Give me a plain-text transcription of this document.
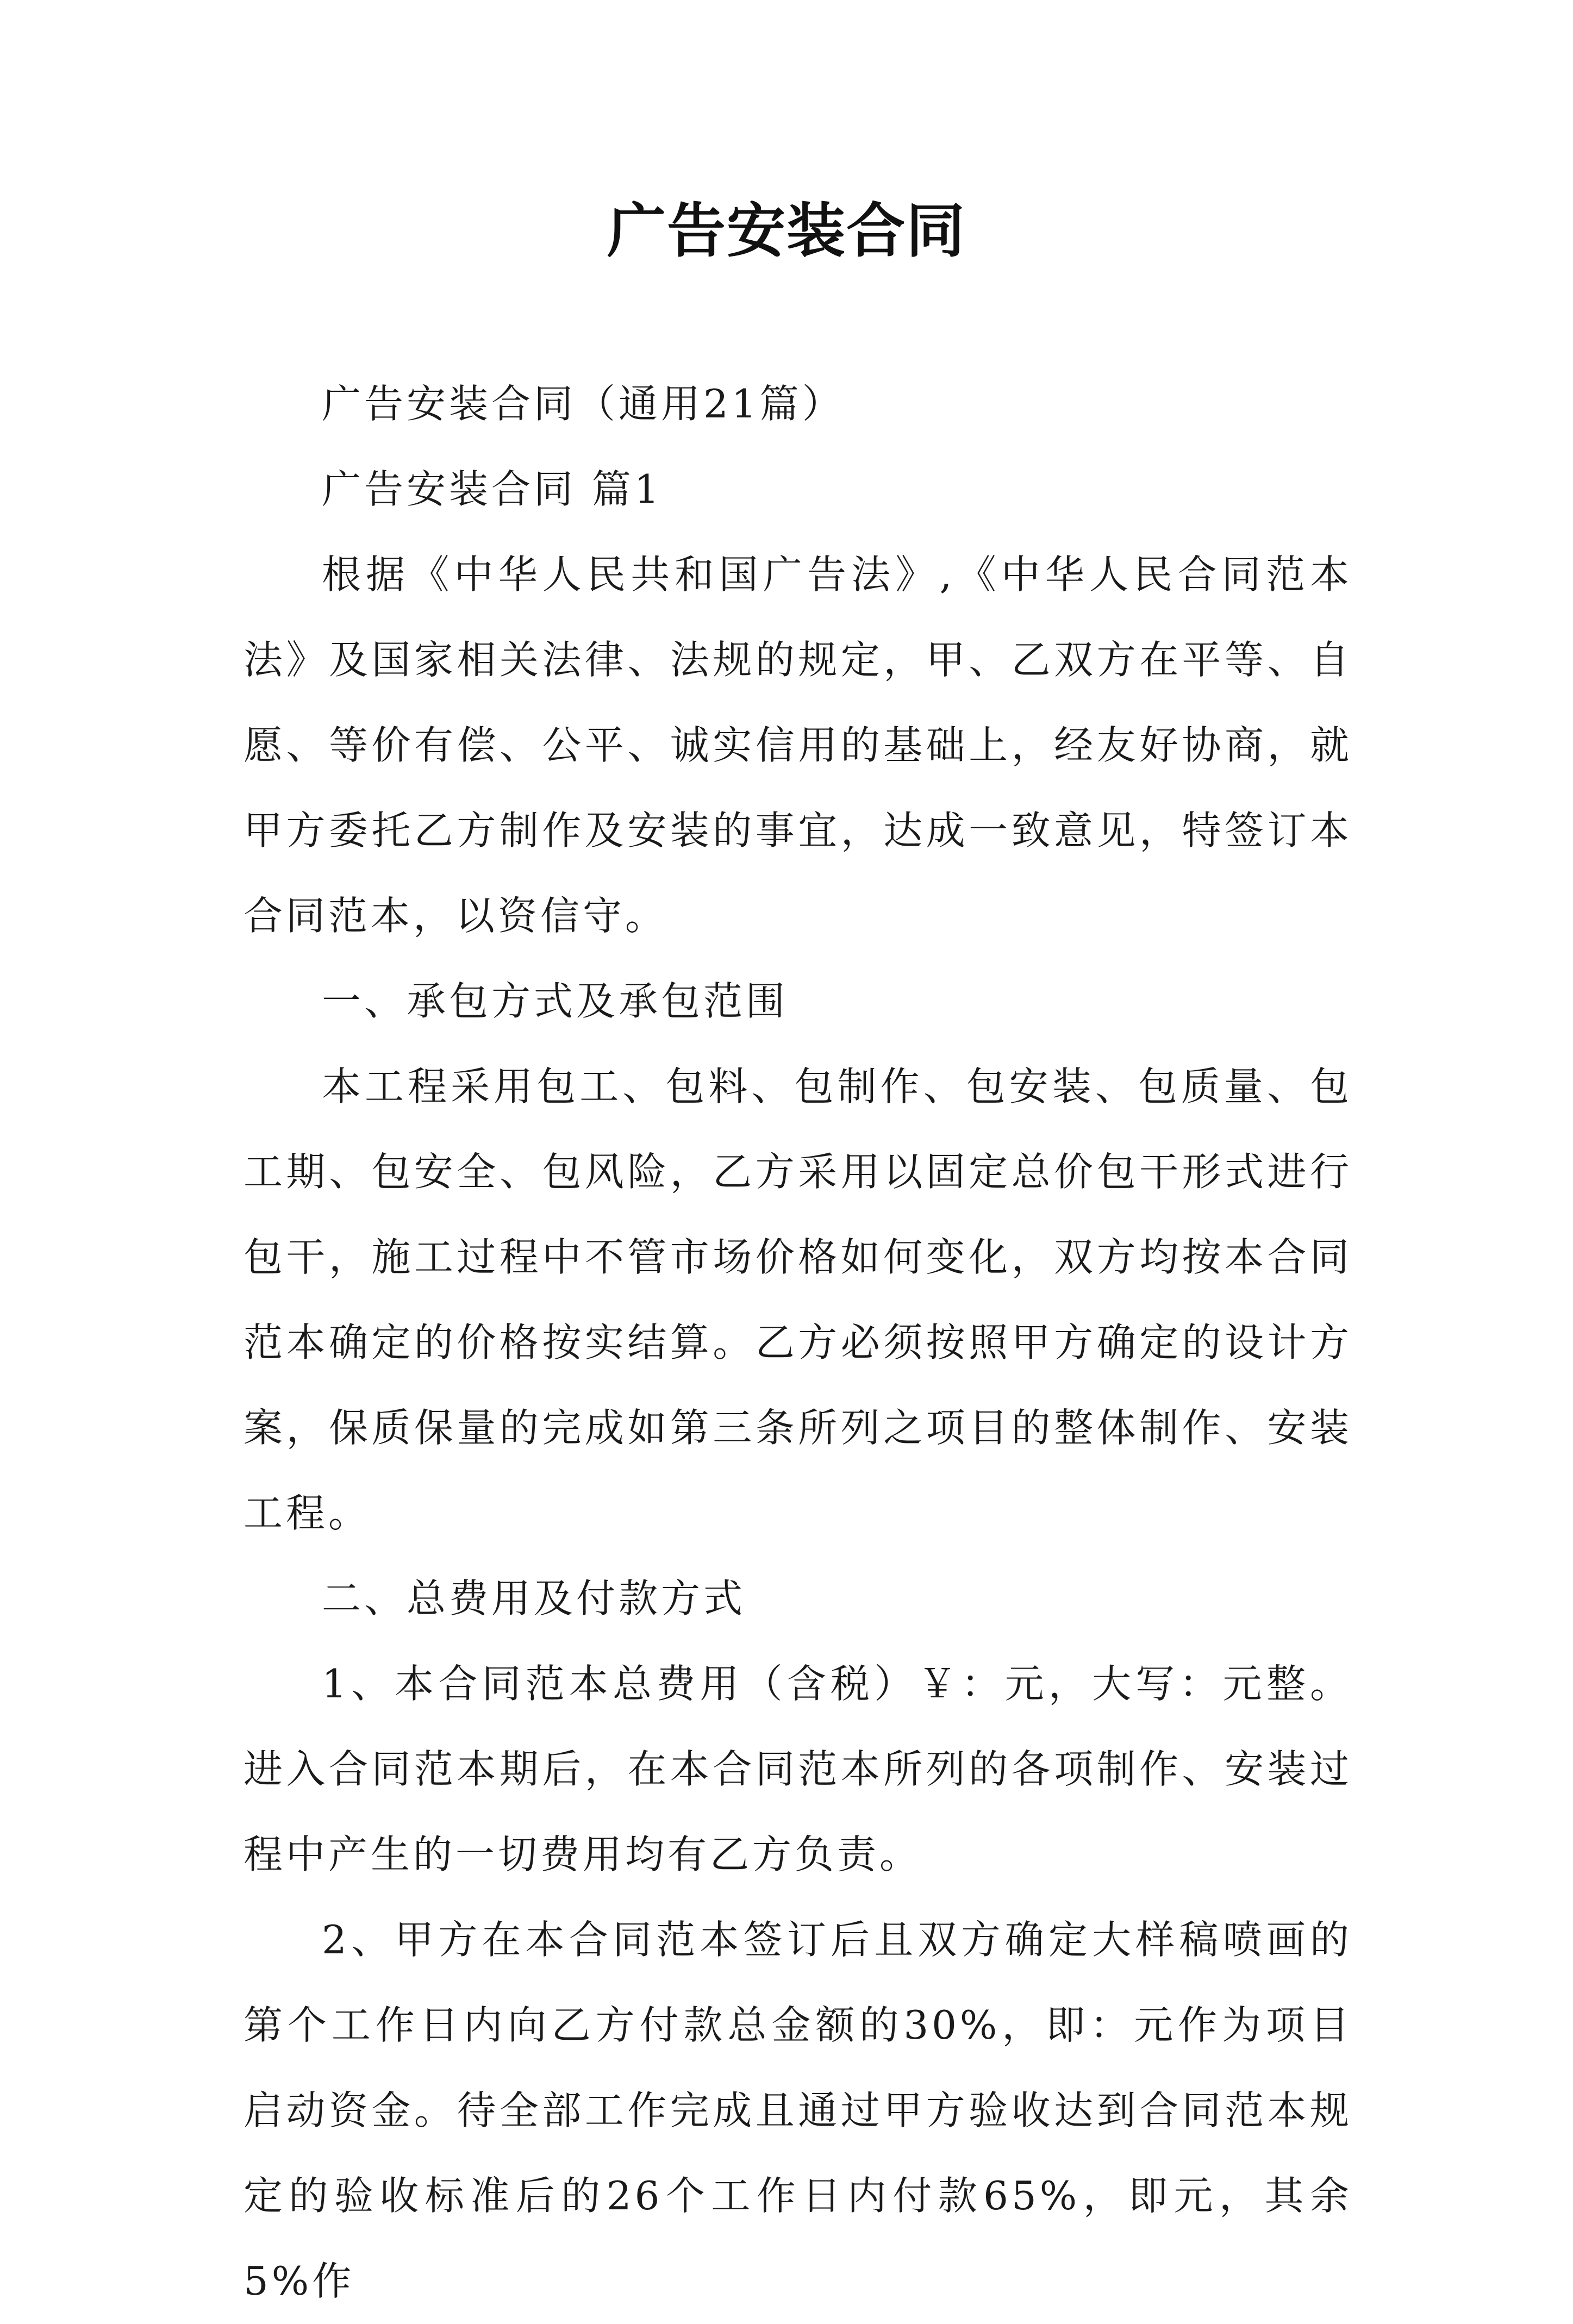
广告安装合同

广告安装合同（通用21篇）

广告安装合同 篇1

根据《中华人民共和国广告法》,《中华人民合同范本法》及国家相关法律、法规的规定，甲、乙双方在平等、自愿、等价有偿、公平、诚实信用的基础上，经友好协商，就甲方委托乙方制作及安装的事宜，达成一致意见，特签订本合同范本，以资信守。

一、承包方式及承包范围

本工程采用包工、包料、包制作、包安装、包质量、包工期、包安全、包风险，乙方采用以固定总价包干形式进行包干，施工过程中不管市场价格如何变化，双方均按本合同范本确定的价格按实结算。乙方必须按照甲方确定的设计方案，保质保量的完成如第三条所列之项目的整体制作、安装工程。

二、总费用及付款方式

1、本合同范本总费用（含税）￥：元，大写：元整。进入合同范本期后，在本合同范本所列的各项制作、安装过程中产生的一切费用均有乙方负责。

2、甲方在本合同范本签订后且双方确定大样稿喷画的第个工作日内向乙方付款总金额的30%，即：元作为项目启动资金。待全部工作完成且通过甲方验收达到合同范本规定的验收标准后的26个工作日内付款65%，即元，其余5%作
